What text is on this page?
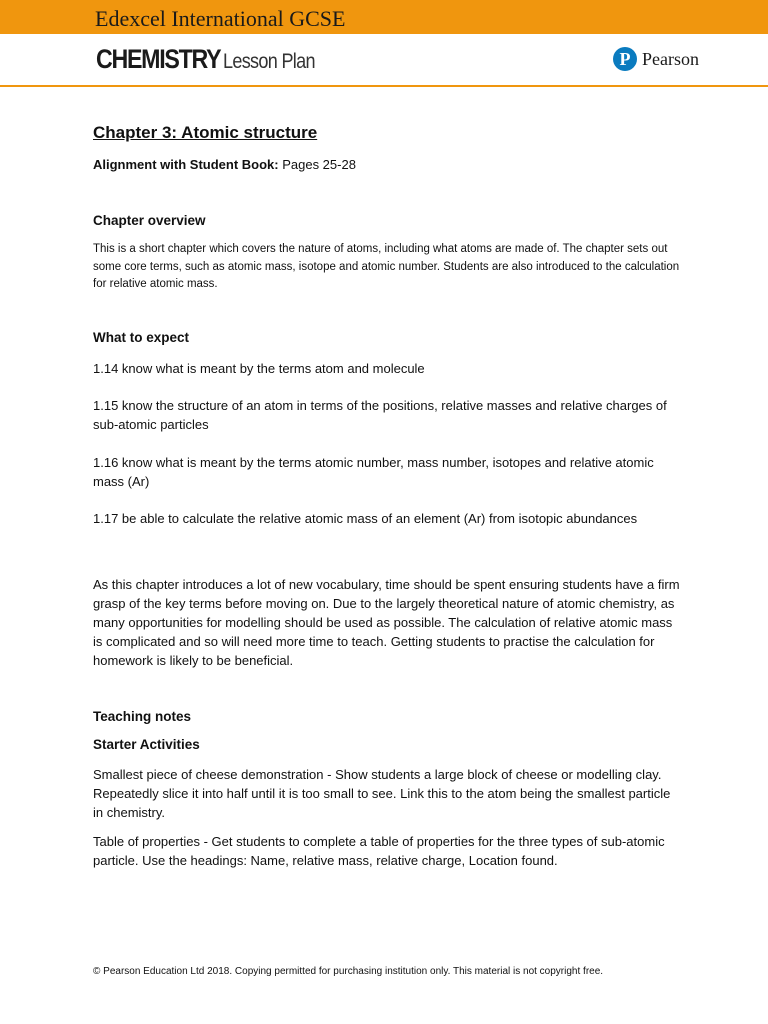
Edexcel International GCSE
CHEMISTRY Lesson Plan	P Pearson
Chapter 3: Atomic structure
Alignment with Student Book: Pages 25-28
Chapter overview
This is a short chapter which covers the nature of atoms, including what atoms are made of. The chapter sets out some core terms, such as atomic mass, isotope and atomic number. Students are also introduced to the calculation for relative atomic mass.
What to expect
1.14 know what is meant by the terms atom and molecule
1.15 know the structure of an atom in terms of the positions, relative masses and relative charges of sub-atomic particles
1.16 know what is meant by the terms atomic number, mass number, isotopes and relative atomic mass (Ar)
1.17 be able to calculate the relative atomic mass of an element (Ar) from isotopic abundances
As this chapter introduces a lot of new vocabulary, time should be spent ensuring students have a firm grasp of the key terms before moving on. Due to the largely theoretical nature of atomic chemistry, as many opportunities for modelling should be used as possible. The calculation of relative atomic mass is complicated and so will need more time to teach. Getting students to practise the calculation for homework is likely to be beneficial.
Teaching notes
Starter Activities
Smallest piece of cheese demonstration - Show students a large block of cheese or modelling clay. Repeatedly slice it into half until it is too small to see. Link this to the atom being the smallest particle in chemistry.
Table of properties - Get students to complete a table of properties for the three types of sub-atomic particle. Use the headings: Name, relative mass, relative charge, Location found.
© Pearson Education Ltd 2018. Copying permitted for purchasing institution only. This material is not copyright free.
